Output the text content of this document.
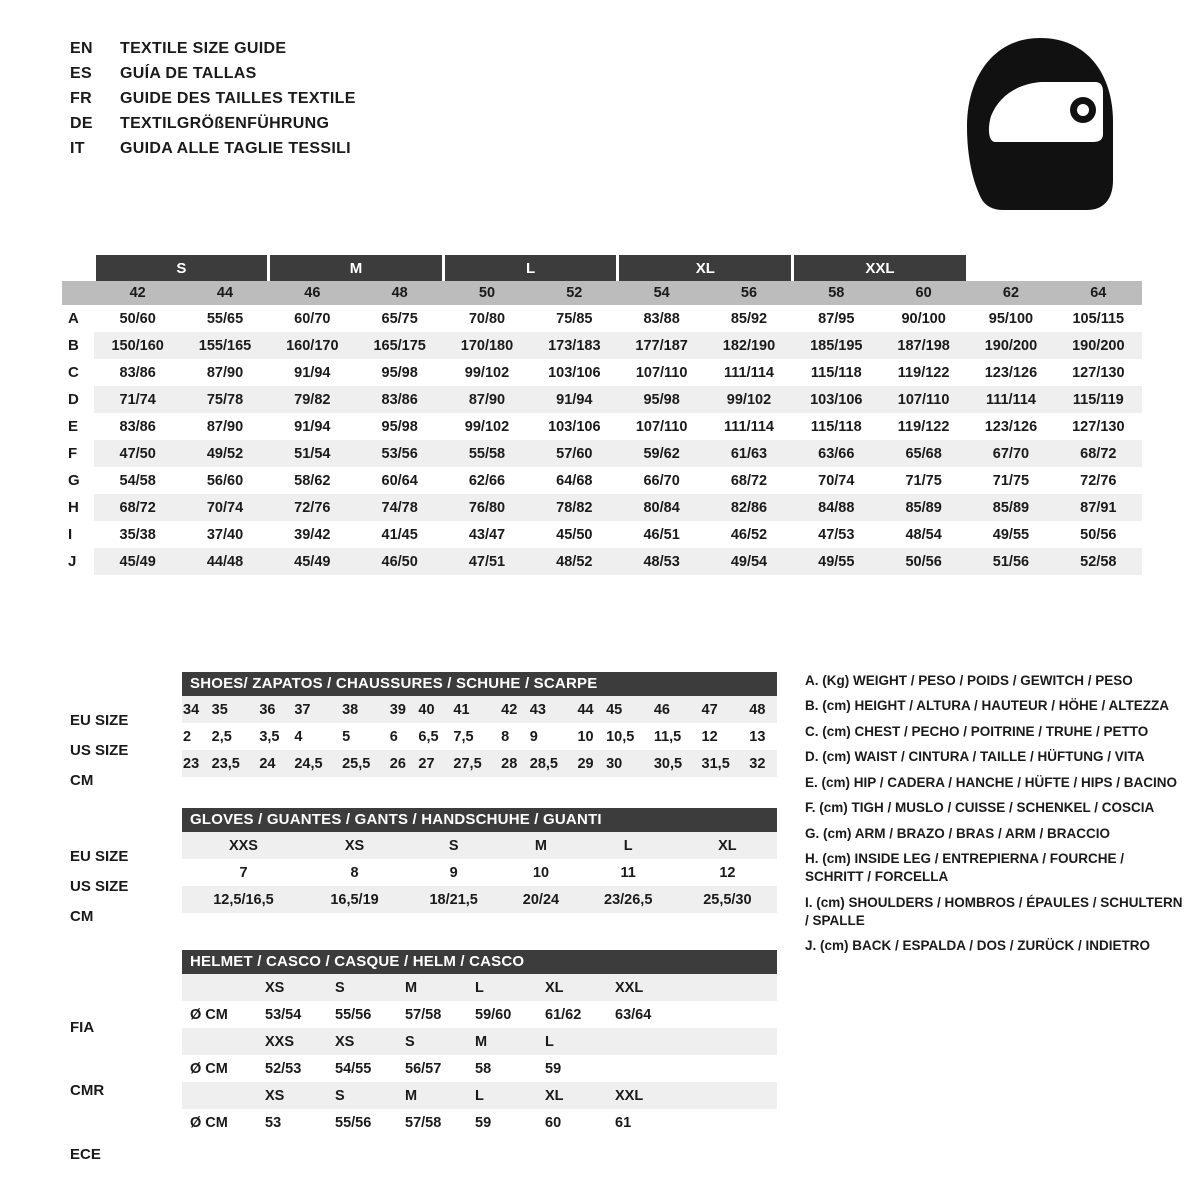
EN	TEXTILE SIZE GUIDE
ES	GUÍA DE TALLAS
FR	GUIDE DES TAILLES TEXTILE
DE	TEXTILGRÖßENFÜHRUNG
IT	GUIDA ALLE TAGLIE TESSILI
	S		M		L		XL		XXL			
	42	44	46	48	50	52	54	56	58	60	62	64
A	50/60	55/65	60/70	65/75	70/80	75/85	83/88	85/92	87/95	90/100	95/100	105/115
B	150/160	155/165	160/170	165/175	170/180	173/183	177/187	182/190	185/195	187/198	190/200	190/200
C	83/86	87/90	91/94	95/98	99/102	103/106	107/110	111/114	115/118	119/122	123/126	127/130
D	71/74	75/78	79/82	83/86	87/90	91/94	95/98	99/102	103/106	107/110	111/114	115/119
E	83/86	87/90	91/94	95/98	99/102	103/106	107/110	111/114	115/118	119/122	123/126	127/130
F	47/50	49/52	51/54	53/56	55/58	57/60	59/62	61/63	63/66	65/68	67/70	68/72
G	54/58	56/60	58/62	60/64	62/66	64/68	66/70	68/72	70/74	71/75	71/75	72/76
H	68/72	70/74	72/76	74/78	76/80	78/82	80/84	82/86	84/88	85/89	85/89	87/91
I	35/38	37/40	39/42	41/45	43/47	45/50	46/51	46/52	47/53	48/54	49/55	50/56
J	45/49	44/48	45/49	46/50	47/51	48/52	48/53	49/54	49/55	50/56	51/56	52/58
EU SIZE
US SIZE
CM
SHOES/ ZAPATOS / CHAUSSURES / SCHUHE / SCARPE
34	35	36	37	38	39	40	41	42	43	44	45	46	47	48
2	2,5	3,5	4	5	6	6,5	7,5	8	9	10	10,5	11,5	12	13
23	23,5	24	24,5	25,5	26	27	27,5	28	28,5	29	30	30,5	31,5	32
EU SIZE
US SIZE
CM
GLOVES / GUANTES / GANTS / HANDSCHUHE / GUANTI
XXS	XS	S	M	L	XL
7	8	9	10	11	12
12,5/16,5	16,5/19	18/21,5	20/24	23/26,5	25,5/30
FIA
CMR
ECE
HELMET / CASCO / CASQUE / HELM / CASCO
	XS	S	M	L	XL	XXL
Ø CM	53/54	55/56	57/58	59/60	61/62	63/64
	XXS	XS	S	M	L	
Ø CM	52/53	54/55	56/57	58	59	
	XS	S	M	L	XL	XXL
Ø CM	53	55/56	57/58	59	60	61

A. (Kg) WEIGHT / PESO / POIDS / GEWITCH / PESO

B. (cm) HEIGHT / ALTURA / HAUTEUR / HÖHE / ALTEZZA

C. (cm) CHEST / PECHO / POITRINE / TRUHE / PETTO

D. (cm) WAIST / CINTURA / TAILLE / HÜFTUNG / VITA

E. (cm) HIP / CADERA / HANCHE / HÜFTE / HIPS / BACINO

F. (cm) TIGH / MUSLO / CUISSE / SCHENKEL / COSCIA

G. (cm) ARM / BRAZO / BRAS / ARM / BRACCIO

H. (cm) INSIDE LEG / ENTREPIERNA / FOURCHE / SCHRITT / FORCELLA

I. (cm) SHOULDERS / HOMBROS / ÉPAULES / SCHULTERN / SPALLE

J. (cm) BACK / ESPALDA / DOS / ZURÜCK / INDIETRO
